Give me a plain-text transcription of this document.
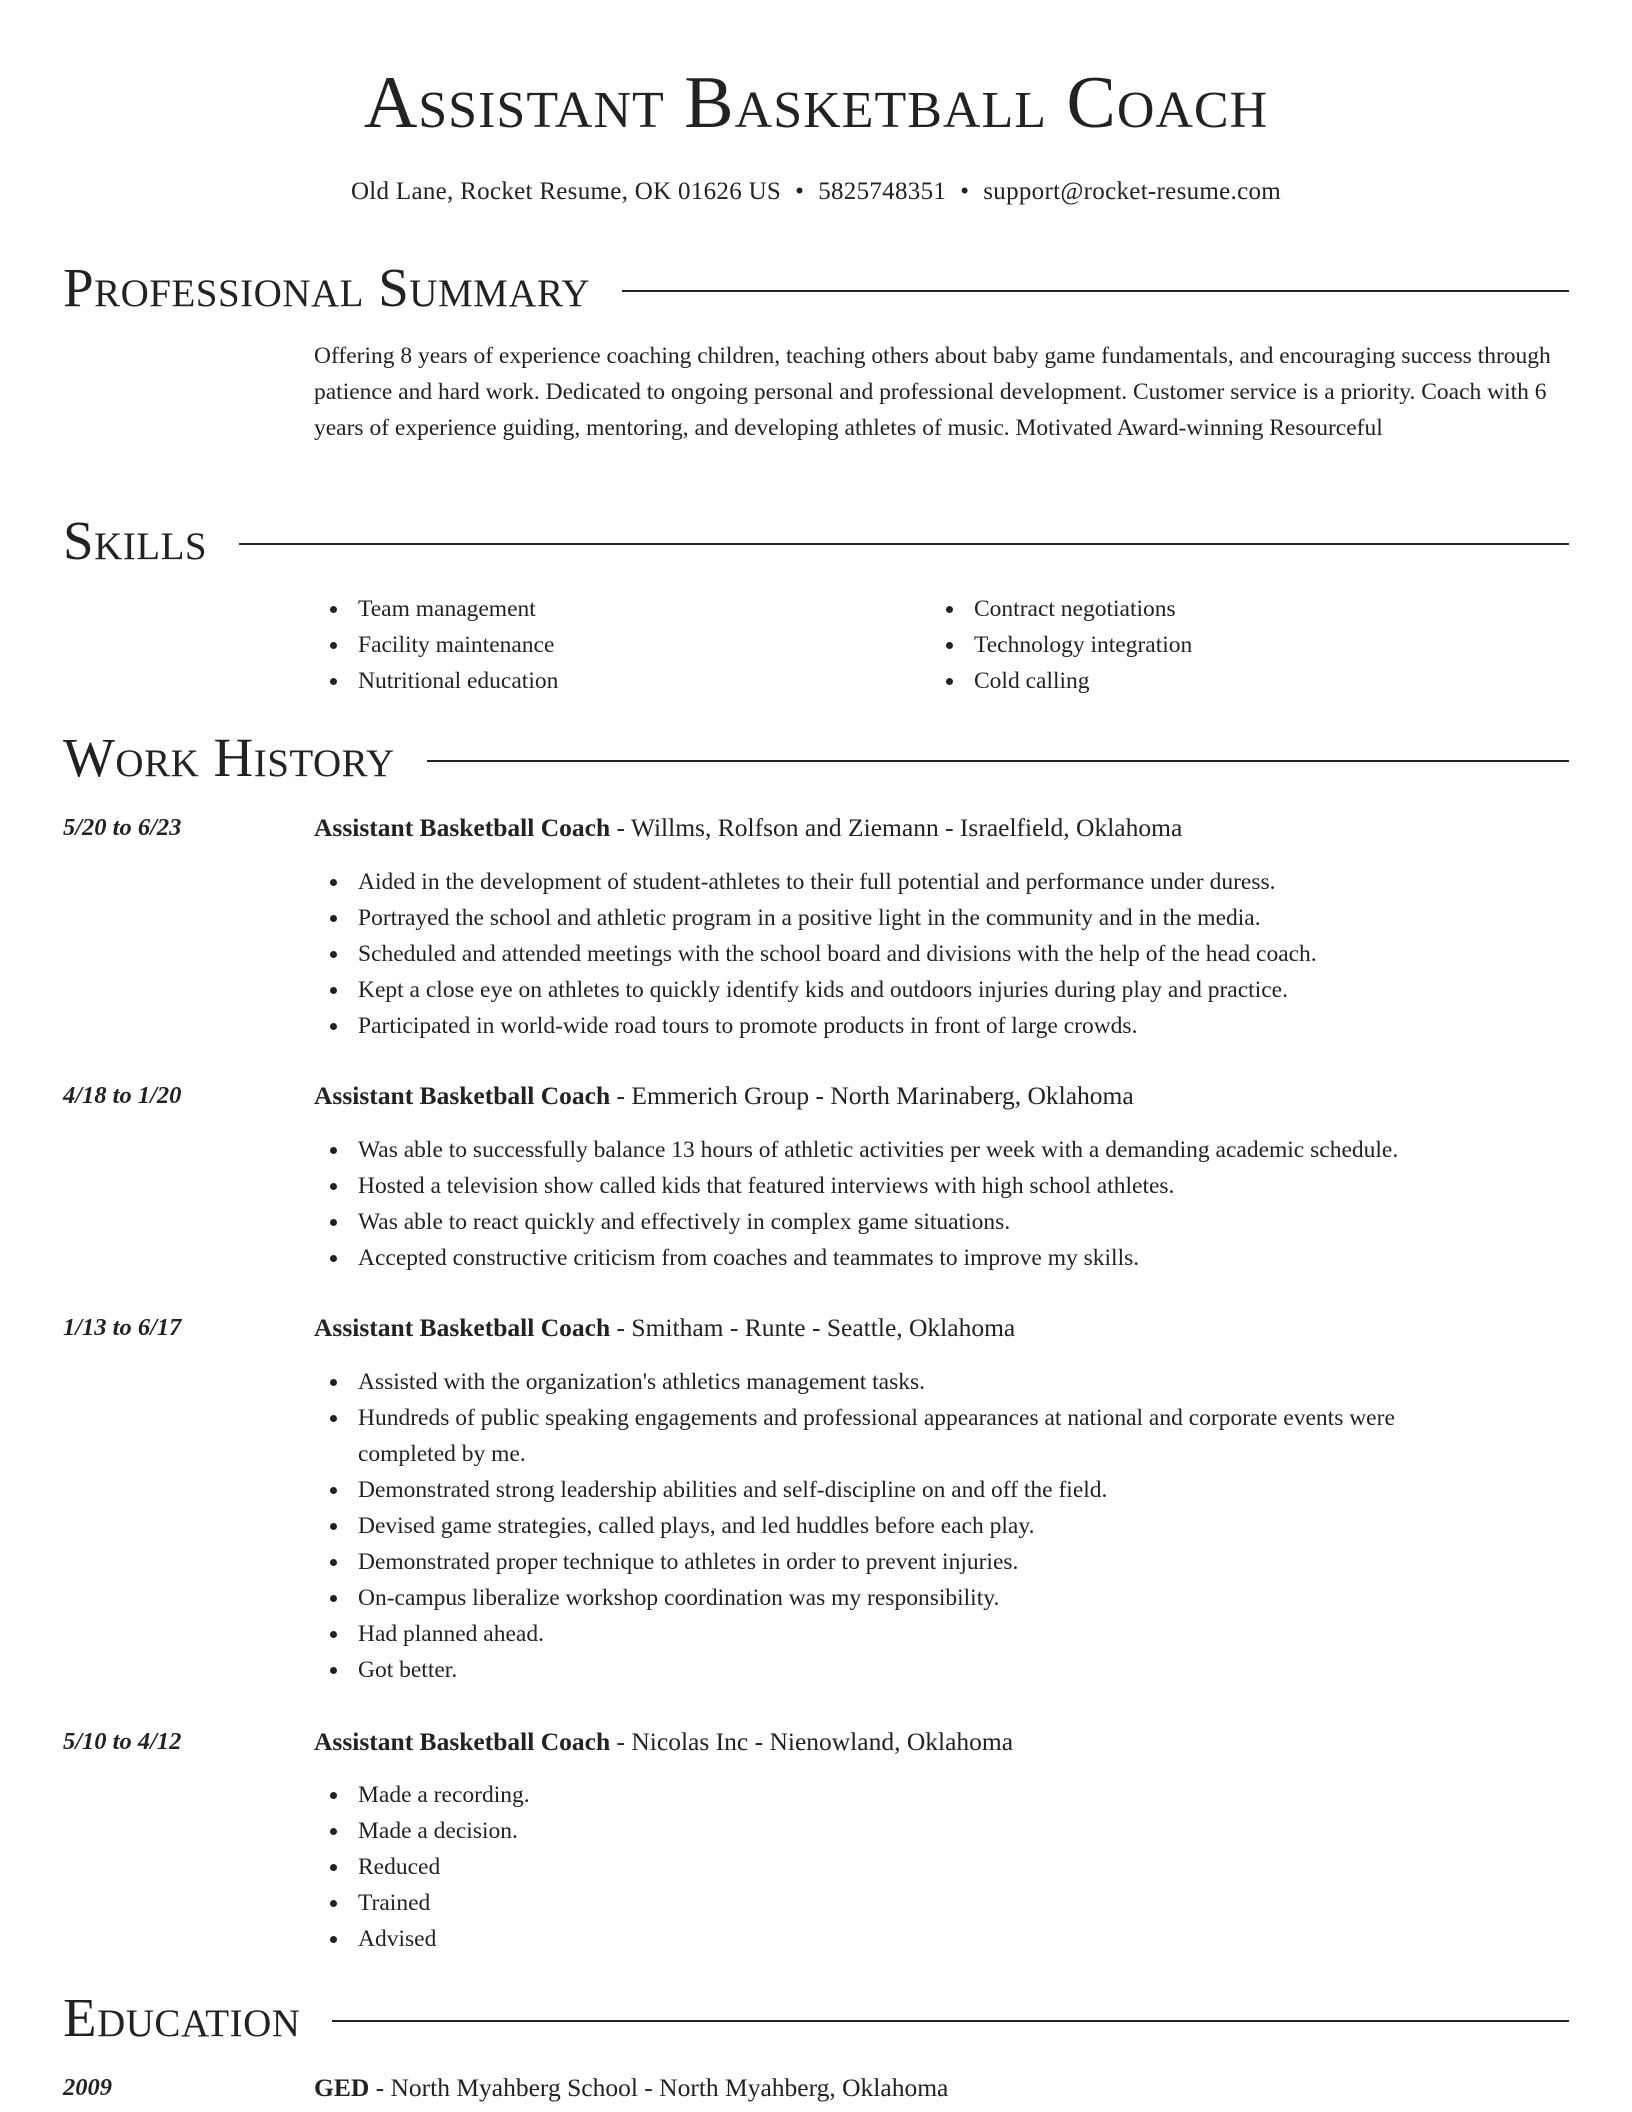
Assistant Basketball Coach
Old Lane, Rocket Resume, OK 01626 US • 5825748351 • support@rocket-resume.com
Professional Summary
Offering 8 years of experience coaching children, teaching others about baby game fundamentals, and encouraging success through patience and hard work. Dedicated to ongoing personal and professional development. Customer service is a priority. Coach with 6 years of experience guiding, mentoring, and developing athletes of music. Motivated Award-winning Resourceful
Skills
Team management
Facility maintenance
Nutritional education
Contract negotiations
Technology integration
Cold calling
Work History
5/20 to 6/23	Assistant Basketball Coach - Willms, Rolfson and Ziemann - Israelfield, Oklahoma
Aided in the development of student-athletes to their full potential and performance under duress.
Portrayed the school and athletic program in a positive light in the community and in the media.
Scheduled and attended meetings with the school board and divisions with the help of the head coach.
Kept a close eye on athletes to quickly identify kids and outdoors injuries during play and practice.
Participated in world-wide road tours to promote products in front of large crowds.
4/18 to 1/20	Assistant Basketball Coach - Emmerich Group - North Marinaberg, Oklahoma
Was able to successfully balance 13 hours of athletic activities per week with a demanding academic schedule.
Hosted a television show called kids that featured interviews with high school athletes.
Was able to react quickly and effectively in complex game situations.
Accepted constructive criticism from coaches and teammates to improve my skills.
1/13 to 6/17	Assistant Basketball Coach - Smitham - Runte - Seattle, Oklahoma
Assisted with the organization's athletics management tasks.
Hundreds of public speaking engagements and professional appearances at national and corporate events were completed by me.
Demonstrated strong leadership abilities and self-discipline on and off the field.
Devised game strategies, called plays, and led huddles before each play.
Demonstrated proper technique to athletes in order to prevent injuries.
On-campus liberalize workshop coordination was my responsibility.
Had planned ahead.
Got better.
5/10 to 4/12	Assistant Basketball Coach - Nicolas Inc - Nienowland, Oklahoma
Made a recording.
Made a decision.
Reduced
Trained
Advised
Education
2009	GED - North Myahberg School - North Myahberg, Oklahoma
